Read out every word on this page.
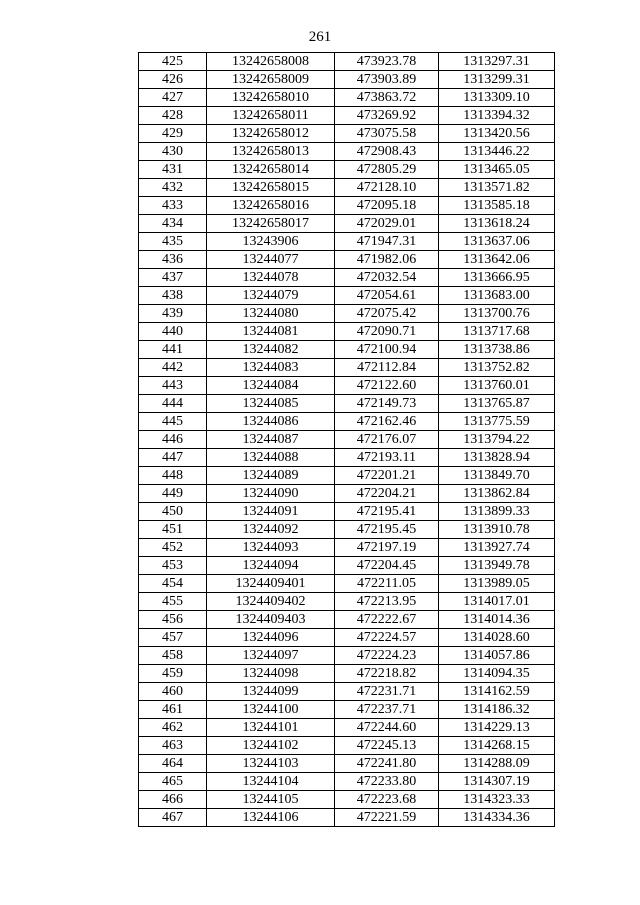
261
425	13242658008	473923.78	1313297.31
426	13242658009	473903.89	1313299.31
427	13242658010	473863.72	1313309.10
428	13242658011	473269.92	1313394.32
429	13242658012	473075.58	1313420.56
430	13242658013	472908.43	1313446.22
431	13242658014	472805.29	1313465.05
432	13242658015	472128.10	1313571.82
433	13242658016	472095.18	1313585.18
434	13242658017	472029.01	1313618.24
435	13243906	471947.31	1313637.06
436	13244077	471982.06	1313642.06
437	13244078	472032.54	1313666.95
438	13244079	472054.61	1313683.00
439	13244080	472075.42	1313700.76
440	13244081	472090.71	1313717.68
441	13244082	472100.94	1313738.86
442	13244083	472112.84	1313752.82
443	13244084	472122.60	1313760.01
444	13244085	472149.73	1313765.87
445	13244086	472162.46	1313775.59
446	13244087	472176.07	1313794.22
447	13244088	472193.11	1313828.94
448	13244089	472201.21	1313849.70
449	13244090	472204.21	1313862.84
450	13244091	472195.41	1313899.33
451	13244092	472195.45	1313910.78
452	13244093	472197.19	1313927.74
453	13244094	472204.45	1313949.78
454	1324409401	472211.05	1313989.05
455	1324409402	472213.95	1314017.01
456	1324409403	472222.67	1314014.36
457	13244096	472224.57	1314028.60
458	13244097	472224.23	1314057.86
459	13244098	472218.82	1314094.35
460	13244099	472231.71	1314162.59
461	13244100	472237.71	1314186.32
462	13244101	472244.60	1314229.13
463	13244102	472245.13	1314268.15
464	13244103	472241.80	1314288.09
465	13244104	472233.80	1314307.19
466	13244105	472223.68	1314323.33
467	13244106	472221.59	1314334.36
